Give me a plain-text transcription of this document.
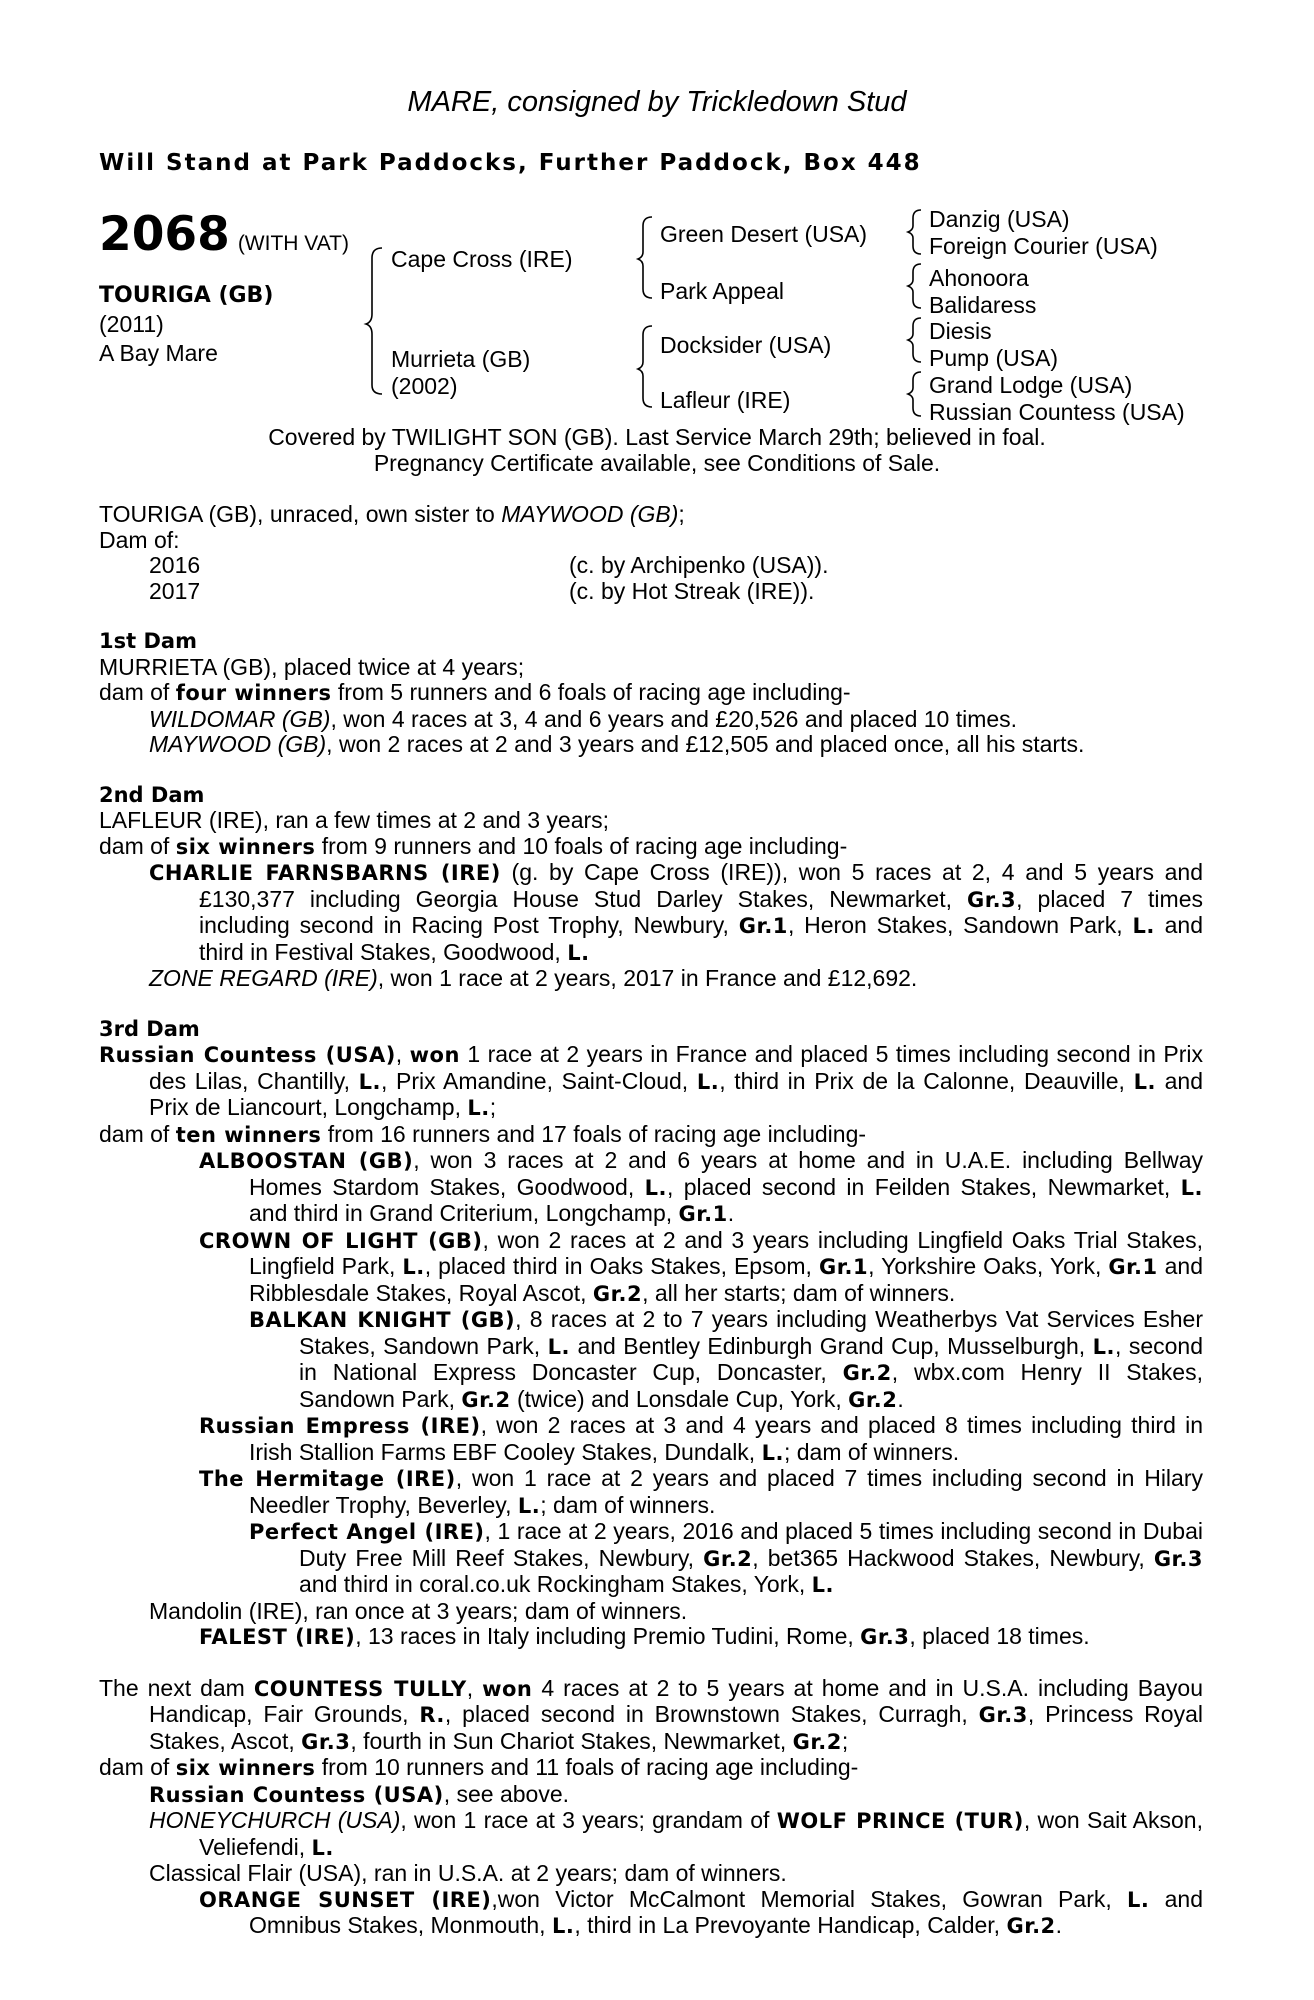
MARE, consigned by Trickledown Stud
Will Stand at Park Paddocks, Further Paddock, Box 448
2068 (WITH VAT)
TOURIGA (GB)
(2011)
A Bay Mare
Cape Cross (IRE)
Murrieta (GB)
(2002)
Green Desert (USA)
Park Appeal
Docksider (USA)
Lafleur (IRE)
Danzig (USA)
Foreign Courier (USA)
Ahonoora
Balidaress
Diesis
Pump (USA)
Grand Lodge (USA)
Russian Countess (USA)
Covered by TWILIGHT SON (GB). Last Service March 29th; believed in foal.
Pregnancy Certificate available, see Conditions of Sale.

TOURIGA (GB), unraced, own sister to MAYWOOD (GB);

Dam of:

2016	(c. by Archipenko (USA)).
2017	(c. by Hot Streak (IRE)).

1st Dam

MURRIETA (GB), placed twice at 4 years;

dam of four winners from 5 runners and 6 foals of racing age including-

WILDOMAR (GB), won 4 races at 3, 4 and 6 years and £20,526 and placed 10 times.

MAYWOOD (GB), won 2 races at 2 and 3 years and £12,505 and placed once, all his starts.

2nd Dam

LAFLEUR (IRE), ran a few times at 2 and 3 years;

dam of six winners from 9 runners and 10 foals of racing age including-

CHARLIE FARNSBARNS (IRE) (g. by Cape Cross (IRE)), won 5 races at 2, 4 and 5 years and £130,377 including Georgia House Stud Darley Stakes, Newmarket, Gr.3, placed 7 times including second in Racing Post Trophy, Newbury, Gr.1, Heron Stakes, Sandown Park, L. and third in Festival Stakes, Goodwood, L.

ZONE REGARD (IRE), won 1 race at 2 years, 2017 in France and £12,692.

3rd Dam

Russian Countess (USA), won 1 race at 2 years in France and placed 5 times including second in Prix des Lilas, Chantilly, L., Prix Amandine, Saint-Cloud, L., third in Prix de la Calonne, Deauville, L. and Prix de Liancourt, Longchamp, L.;

dam of ten winners from 16 runners and 17 foals of racing age including-

ALBOOSTAN (GB), won 3 races at 2 and 6 years at home and in U.A.E. including Bellway Homes Stardom Stakes, Goodwood, L., placed second in Feilden Stakes, Newmarket, L. and third in Grand Criterium, Longchamp, Gr.1.

CROWN OF LIGHT (GB), won 2 races at 2 and 3 years including Lingfield Oaks Trial Stakes, Lingfield Park, L., placed third in Oaks Stakes, Epsom, Gr.1, Yorkshire Oaks, York, Gr.1 and Ribblesdale Stakes, Royal Ascot, Gr.2, all her starts; dam of winners.

BALKAN KNIGHT (GB), 8 races at 2 to 7 years including Weatherbys Vat Services Esher Stakes, Sandown Park, L. and Bentley Edinburgh Grand Cup, Musselburgh, L., second in National Express Doncaster Cup, Doncaster, Gr.2, wbx.com Henry II Stakes, Sandown Park, Gr.2 (twice) and Lonsdale Cup, York, Gr.2.

Russian Empress (IRE), won 2 races at 3 and 4 years and placed 8 times including third in Irish Stallion Farms EBF Cooley Stakes, Dundalk, L.; dam of winners.

The Hermitage (IRE), won 1 race at 2 years and placed 7 times including second in Hilary Needler Trophy, Beverley, L.; dam of winners.

Perfect Angel (IRE), 1 race at 2 years, 2016 and placed 5 times including second in Dubai Duty Free Mill Reef Stakes, Newbury, Gr.2, bet365 Hackwood Stakes, Newbury, Gr.3 and third in coral.co.uk Rockingham Stakes, York, L.

Mandolin (IRE), ran once at 3 years; dam of winners.

FALEST (IRE), 13 races in Italy including Premio Tudini, Rome, Gr.3, placed 18 times.

The next dam COUNTESS TULLY, won 4 races at 2 to 5 years at home and in U.S.A. including Bayou Handicap, Fair Grounds, R., placed second in Brownstown Stakes, Curragh, Gr.3, Princess Royal Stakes, Ascot, Gr.3, fourth in Sun Chariot Stakes, Newmarket, Gr.2;

dam of six winners from 10 runners and 11 foals of racing age including-

Russian Countess (USA), see above.

HONEYCHURCH (USA), won 1 race at 3 years; grandam of WOLF PRINCE (TUR), won Sait Akson, Veliefendi, L.

Classical Flair (USA), ran in U.S.A. at 2 years; dam of winners.

ORANGE SUNSET (IRE),won Victor McCalmont Memorial Stakes, Gowran Park, L. and Omnibus Stakes, Monmouth, L., third in La Prevoyante Handicap, Calder, Gr.2.
